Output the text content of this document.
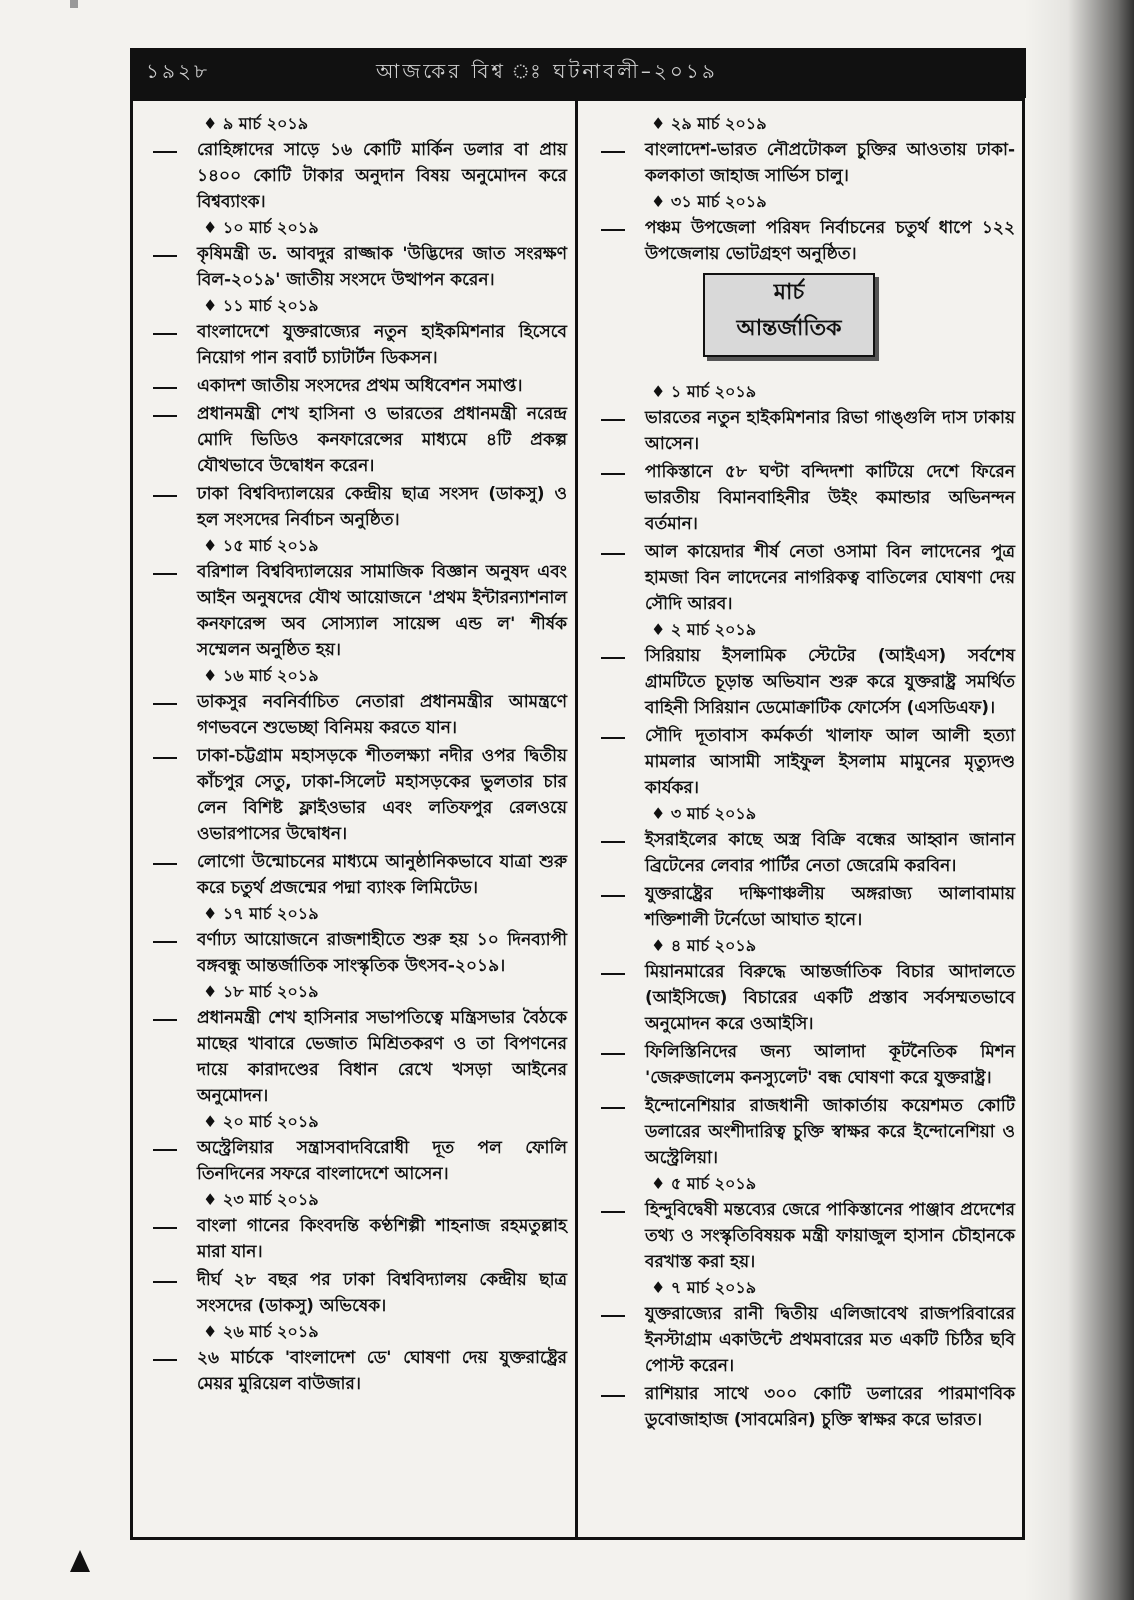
১৯২৮	আজকের বিশ্ব ঃ ঘটনাবলী–২০১৯
♦ ৯ মার্চ ২০১৯
রোহিঙ্গাদের সাড়ে ১৬ কোটি মার্কিন ডলার বা প্রায় ১৪০০ কোটি টাকার অনুদান বিষয় অনুমোদন করে বিশ্বব্যাংক।
♦ ১০ মার্চ ২০১৯
কৃষিমন্ত্রী ড. আবদুর রাজ্জাক 'উদ্ভিদের জাত সংরক্ষণ বিল-২০১৯' জাতীয় সংসদে উত্থাপন করেন।
♦ ১১ মার্চ ২০১৯
বাংলাদেশে যুক্তরাজ্যের নতুন হাইকমিশনার হিসেবে নিয়োগ পান রবার্ট চ্যাটার্টন ডিকসন।
একাদশ জাতীয় সংসদের প্রথম অধিবেশন সমাপ্ত।
প্রধানমন্ত্রী শেখ হাসিনা ও ভারতের প্রধানমন্ত্রী নরেন্দ্র মোদি ভিডিও কনফারেন্সের মাধ্যমে ৪টি প্রকল্প যৌথভাবে উদ্বোধন করেন।
ঢাকা বিশ্ববিদ্যালয়ের কেন্দ্রীয় ছাত্র সংসদ (ডাকসু) ও হল সংসদের নির্বাচন অনুষ্ঠিত।
♦ ১৫ মার্চ ২০১৯
বরিশাল বিশ্ববিদ্যালয়ের সামাজিক বিজ্ঞান অনুষদ এবং আইন অনুষদের যৌথ আয়োজনে 'প্রথম ইন্টারন্যাশনাল কনফারেন্স অব সোস্যাল সায়েন্স এন্ড ল' শীর্ষক সম্মেলন অনুষ্ঠিত হয়।
♦ ১৬ মার্চ ২০১৯
ডাকসুর নবনির্বাচিত নেতারা প্রধানমন্ত্রীর আমন্ত্রণে গণভবনে শুভেচ্ছা বিনিময় করতে যান।
ঢাকা-চট্টগ্রাম মহাসড়কে শীতলক্ষ্যা নদীর ওপর দ্বিতীয় কাঁচপুর সেতু, ঢাকা-সিলেট মহাসড়কের ভুলতার চার লেন বিশিষ্ট ফ্লাইওভার এবং লতিফপুর রেলওয়ে ওভারপাসের উদ্বোধন।
লোগো উন্মোচনের মাধ্যমে আনুষ্ঠানিকভাবে যাত্রা শুরু করে চতুর্থ প্রজন্মের পদ্মা ব্যাংক লিমিটেড।
♦ ১৭ মার্চ ২০১৯
বর্ণাঢ্য আয়োজনে রাজশাহীতে শুরু হয় ১০ দিনব্যাপী বঙ্গবন্ধু আন্তর্জাতিক সাংস্কৃতিক উৎসব-২০১৯।
♦ ১৮ মার্চ ২০১৯
প্রধানমন্ত্রী শেখ হাসিনার সভাপতিত্বে মন্ত্রিসভার বৈঠকে মাছের খাবারে ভেজাত মিশ্রিতকরণ ও তা বিপণনের দায়ে কারাদণ্ডের বিধান রেখে খসড়া আইনের অনুমোদন।
♦ ২০ মার্চ ২০১৯
অস্ট্রেলিয়ার সন্ত্রাসবাদবিরোধী দূত পল ফোলি তিনদিনের সফরে বাংলাদেশে আসেন।
♦ ২৩ মার্চ ২০১৯
বাংলা গানের কিংবদন্তি কণ্ঠশিল্পী শাহনাজ রহমতুল্লাহ মারা যান।
দীর্ঘ ২৮ বছর পর ঢাকা বিশ্ববিদ্যালয় কেন্দ্রীয় ছাত্র সংসদের (ডাকসু) অভিষেক।
♦ ২৬ মার্চ ২০১৯
২৬ মার্চকে 'বাংলাদেশ ডে' ঘোষণা দেয় যুক্তরাষ্ট্রের মেয়র মুরিয়েল বাউজার।
♦ ২৯ মার্চ ২০১৯
বাংলাদেশ-ভারত নৌপ্রটোকল চুক্তির আওতায় ঢাকা-কলকাতা জাহাজ সার্ভিস চালু।
♦ ৩১ মার্চ ২০১৯
পঞ্চম উপজেলা পরিষদ নির্বাচনের চতুর্থ ধাপে ১২২ উপজেলায় ভোটগ্রহণ অনুষ্ঠিত।
মার্চ
আন্তর্জাতিক
♦ ১ মার্চ ২০১৯
ভারতের নতুন হাইকমিশনার রিভা গাঙ্গুলি দাস ঢাকায় আসেন।
পাকিস্তানে ৫৮ ঘণ্টা বন্দিদশা কাটিয়ে দেশে ফিরেন ভারতীয় বিমানবাহিনীর উইং কমান্ডার অভিনন্দন বর্তমান।
আল কায়েদার শীর্ষ নেতা ওসামা বিন লাদেনের পুত্র হামজা বিন লাদেনের নাগরিকত্ব বাতিলের ঘোষণা দেয় সৌদি আরব।
♦ ২ মার্চ ২০১৯
সিরিয়ায় ইসলামিক স্টেটের (আইএস) সর্বশেষ গ্রামটিতে চূড়ান্ত অভিযান শুরু করে যুক্তরাষ্ট্র সমর্থিত বাহিনী সিরিয়ান ডেমোক্রাটিক ফোর্সেস (এসডিএফ)।
সৌদি দূতাবাস কর্মকর্তা খালাফ আল আলী হত্যা মামলার আসামী সাইফুল ইসলাম মামুনের মৃত্যুদণ্ড কার্যকর।
♦ ৩ মার্চ ২০১৯
ইসরাইলের কাছে অস্ত্র বিক্রি বন্ধের আহ্বান জানান ব্রিটেনের লেবার পার্টির নেতা জেরেমি করবিন।
যুক্তরাষ্ট্রের দক্ষিণাঞ্চলীয় অঙ্গরাজ্য আলাবামায় শক্তিশালী টর্নেডো আঘাত হানে।
♦ ৪ মার্চ ২০১৯
মিয়ানমারের বিরুদ্ধে আন্তর্জাতিক বিচার আদালতে (আইসিজে) বিচারের একটি প্রস্তাব সর্বসম্মতভাবে অনুমোদন করে ওআইসি।
ফিলিস্তিনিদের জন্য আলাদা কূটনৈতিক মিশন 'জেরুজালেম কনস্যুলেট' বন্ধ ঘোষণা করে যুক্তরাষ্ট্র।
ইন্দোনেশিয়ার রাজধানী জাকার্তায় কয়েশমত কোটি ডলারের অংশীদারিত্ব চুক্তি স্বাক্ষর করে ইন্দোনেশিয়া ও অস্ট্রেলিয়া।
♦ ৫ মার্চ ২০১৯
হিন্দুবিদ্বেষী মন্তব্যের জেরে পাকিস্তানের পাঞ্জাব প্রদেশের তথ্য ও সংস্কৃতিবিষয়ক মন্ত্রী ফায়াজুল হাসান চৌহানকে বরখাস্ত করা হয়।
♦ ৭ মার্চ ২০১৯
যুক্তরাজ্যের রানী দ্বিতীয় এলিজাবেথ রাজপরিবারের ইনস্টাগ্রাম একাউন্টে প্রথমবারের মত একটি চিঠির ছবি পোস্ট করেন।
রাশিয়ার সাথে ৩০০ কোটি ডলারের পারমাণবিক ডুবোজাহাজ (সাবমেরিন) চুক্তি স্বাক্ষর করে ভারত।
